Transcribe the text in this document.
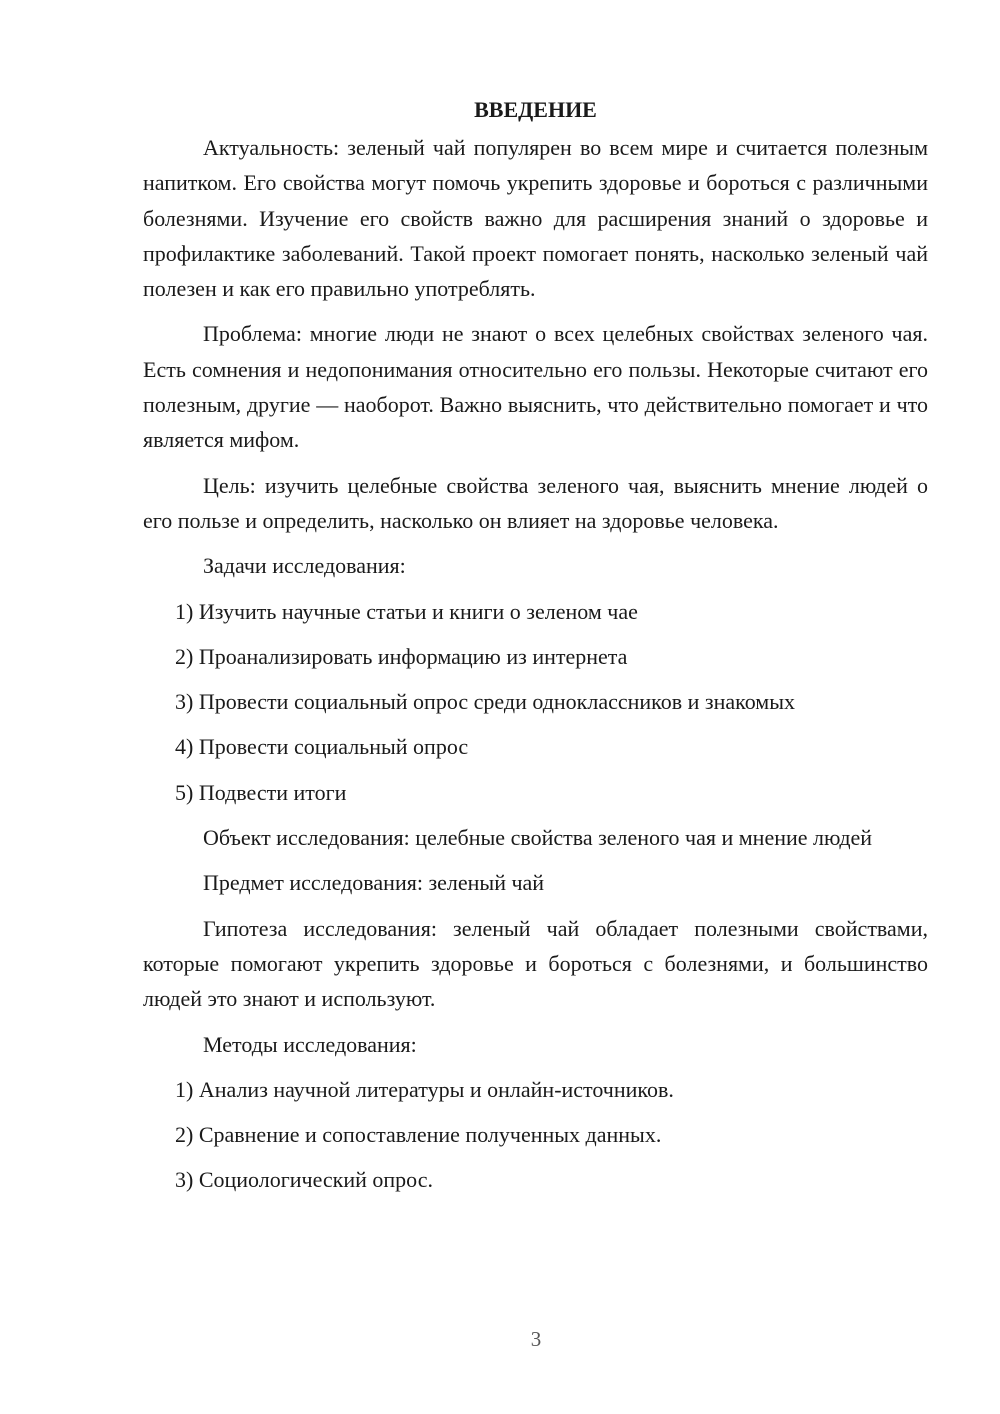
ВВЕДЕНИЕ

Актуальность: зеленый чай популярен во всем мире и считается полезным напитком. Его свойства могут помочь укрепить здоровье и бороться с различными болезнями. Изучение его свойств важно для расширения знаний о здоровье и профилактике заболеваний. Такой проект помогает понять, насколько зеленый чай полезен и как его правильно употреблять.

Проблема: многие люди не знают о всех целебных свойствах зеленого чая. Есть сомнения и недопонимания относительно его пользы. Некоторые считают его полезным, другие — наоборот. Важно выяснить, что действительно помогает и что является мифом.

Цель: изучить целебные свойства зеленого чая, выяснить мнение людей о его пользе и определить, насколько он влияет на здоровье человека.

Задачи исследования:

1) Изучить научные статьи и книги о зеленом чае
2) Проанализировать информацию из интернета
3) Провести социальный опрос среди одноклассников и знакомых
4) Провести социальный опрос
5) Подвести итоги

Объект исследования: целебные свойства зеленого чая и мнение людей

Предмет исследования: зеленый чай

Гипотеза исследования: зеленый чай обладает полезными свойствами, которые помогают укрепить здоровье и бороться с болезнями, и большинство людей это знают и используют.

Методы исследования:

1) Анализ научной литературы и онлайн-источников.
2) Сравнение и сопоставление полученных данных.
3) Социологический опрос.
3
